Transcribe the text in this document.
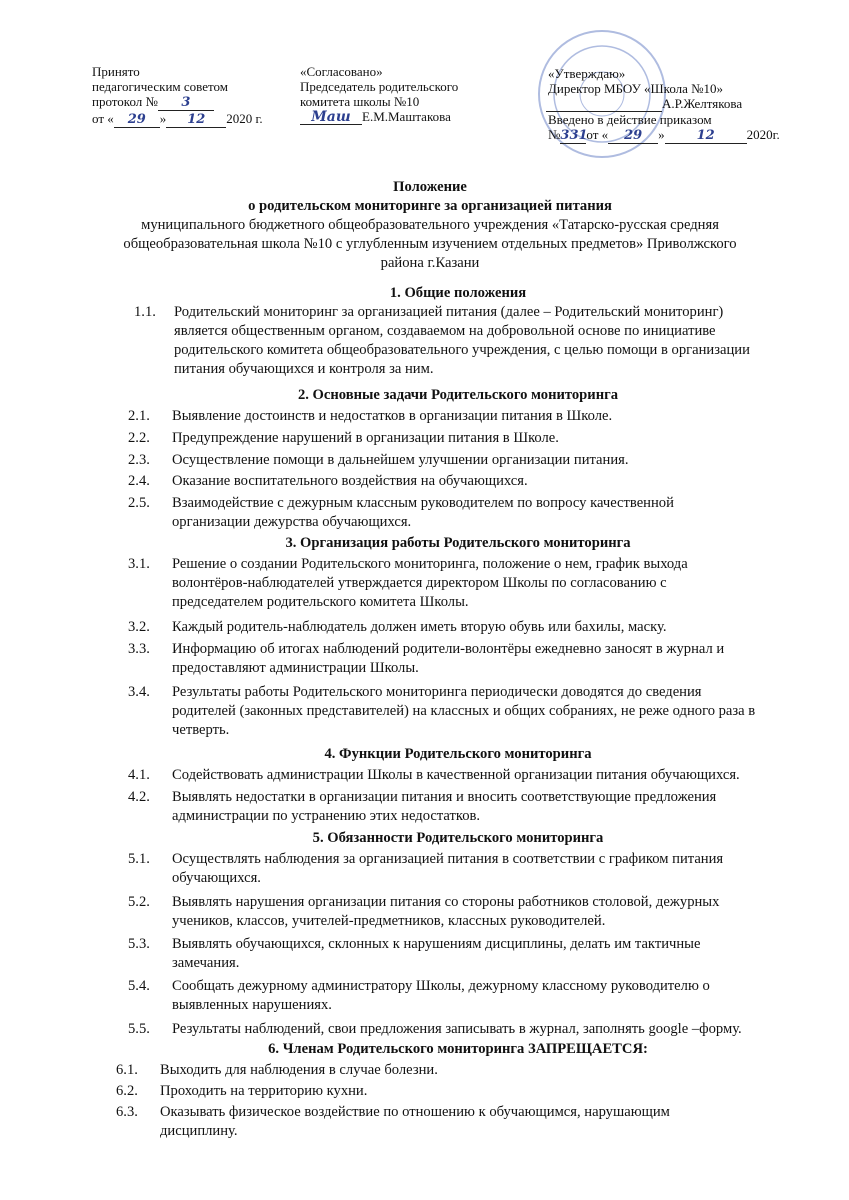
Принято
педагогическим советом
протокол № 3
от « 29 » 12 2020 г.
«Согласовано»
Председатель родительского
комитета школы №10
Маш Е.М.Маштакова
«Утверждаю»
Директор МБОУ «Школа №10»
А.Р.Желтякова
Введено в действие приказом
№331от « 29 » 12 2020г.
Положение
о родительском мониторинге за организацией питания
муниципального бюджетного общеобразовательного учреждения «Татарско-русская средняя
общеобразовательная школа №10 с углубленным изучением отдельных предметов» Приволжского
района г.Казани
1. Общие положения
1.1.	Родительский мониторинг за организацией питания (далее – Родительский мониторинг)
является общественным органом, создаваемом на добровольной основе по инициативе
родительского комитета общеобразовательного учреждения, с целью помощи в организации
питания обучающихся и контроля за ним.
2. Основные задачи Родительского мониторинга
2.1.	Выявление достоинств и недостатков в организации питания в Школе.
2.2.	Предупреждение нарушений в организации питания в Школе.
2.3.	Осуществление помощи в дальнейшем улучшении организации питания.
2.4.	Оказание воспитательного воздействия на обучающихся.
2.5.	Взаимодействие с дежурным классным руководителем по вопросу качественной
организации дежурства обучающихся.
3. Организация работы Родительского мониторинга
3.1.	Решение о создании Родительского мониторинга, положение о нем, график выхода
волонтёров-наблюдателей утверждается директором Школы по согласованию с
председателем родительского комитета Школы.
3.2.	Каждый родитель-наблюдатель должен иметь вторую обувь или бахилы, маску.
3.3.	Информацию об итогах наблюдений родители-волонтёры ежедневно заносят в журнал и
предоставляют администрации Школы.
3.4.	Результаты работы Родительского мониторинга периодически доводятся до сведения
родителей (законных представителей) на классных и общих собраниях, не реже одного раза в
четверть.
4. Функции Родительского мониторинга
4.1.	Содействовать администрации Школы в качественной организации питания обучающихся.
4.2.	Выявлять недостатки в организации питания и вносить соответствующие предложения
администрации по устранению этих недостатков.
5. Обязанности Родительского мониторинга
5.1.	Осуществлять наблюдения за организацией питания в соответствии с графиком питания
обучающихся.
5.2.	Выявлять нарушения организации питания со стороны работников столовой, дежурных
учеников, классов, учителей-предметников, классных руководителей.
5.3.	Выявлять обучающихся, склонных к нарушениям дисциплины, делать им тактичные
замечания.
5.4.	Сообщать дежурному администратору Школы, дежурному классному руководителю о
выявленных нарушениях.
5.5.	Результаты наблюдений, свои предложения записывать в журнал, заполнять google –форму.
6. Членам Родительского мониторинга ЗАПРЕЩАЕТСЯ:
6.1.	Выходить для наблюдения в случае болезни.
6.2.	Проходить на территорию кухни.
6.3.	Оказывать физическое воздействие по отношению к обучающимся, нарушающим
дисциплину.
